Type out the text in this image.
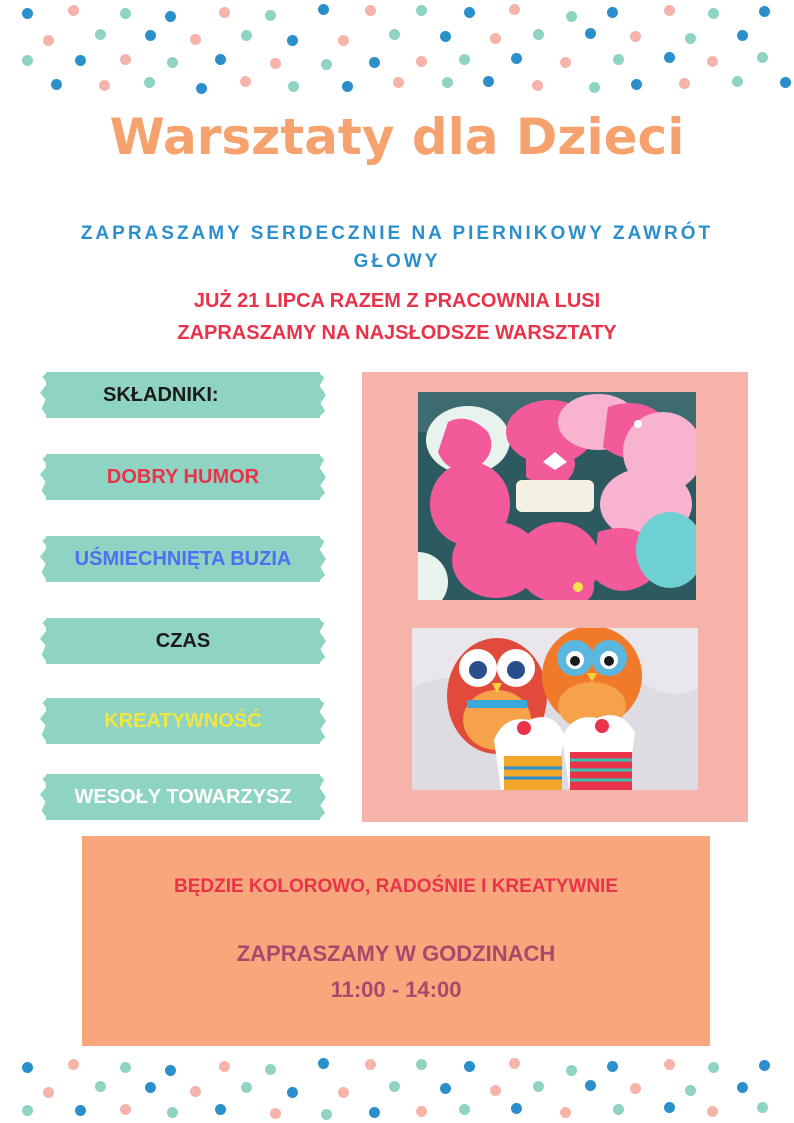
Warsztaty dla Dzieci
ZAPRASZAMY SERDECZNIE NA PIERNIKOWY ZAWRÓT GŁOWY
JUŻ 21 LIPCA RAZEM Z PRACOWNIA LUSI
ZAPRASZAMY NA NAJSŁODSZE WARSZTATY
SKŁADNIKI:
DOBRY HUMOR
UŚMIECHNIĘTA BUZIA
CZAS
KREATYWNOŚĆ
WESOŁY TOWARZYSZ
BĘDZIE KOLOROWO, RADOŚNIE I KREATYWNIE
ZAPRASZAMY W GODZINACH
11:00 - 14:00
